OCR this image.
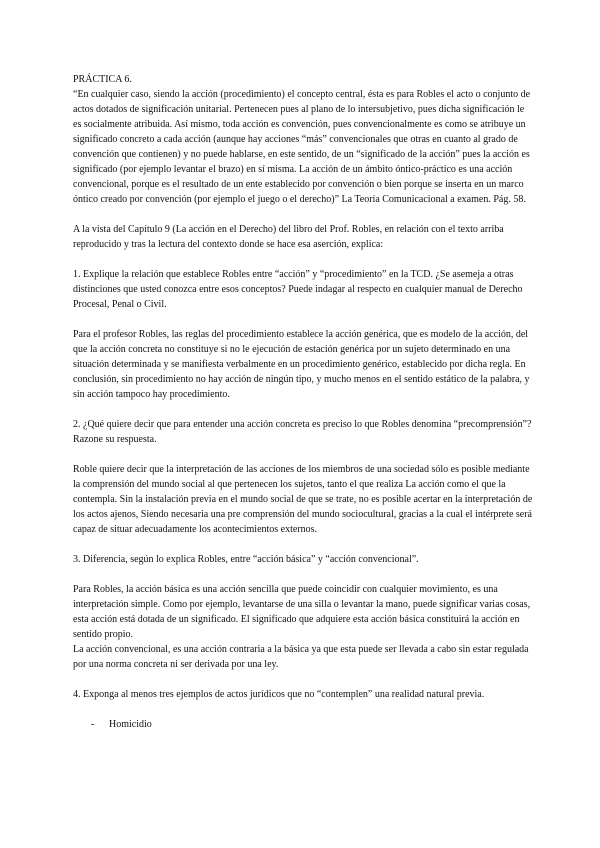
PRÁCTICA 6.

“En cualquier caso, siendo la acción (procedimiento) el concepto central, ésta es para Robles el acto o conjunto de actos dotados de significación unitarial. Pertenecen pues al plano de lo intersubjetivo, pues dicha significación le es socialmente atribuida. Así mismo, toda acción es convención, pues convencionalmente es como se atribuye un significado concreto a cada acción (aunque hay acciones “más” convencionales que otras en cuanto al grado de convención que contienen) y no puede hablarse, en este sentido, de un “significado de la acción” pues la acción es significado (por ejemplo levantar el brazo) en sí misma. La acción de un ámbito óntico-práctico es una acción convencional, porque es el resultado de un ente establecido por convención o bien porque se inserta en un marco óntico creado por convención (por ejemplo el juego o el derecho)” La Teoría Comunicacional a examen. Pág. 58.

A la vista del Capítulo 9 (La acción en el Derecho) del libro del Prof. Robles, en relación con el texto arriba reproducido y tras la lectura del contexto donde se hace esa aserción, explica:

1. Explique la relación que establece Robles entre “acción” y “procedimiento” en la TCD. ¿Se asemeja a otras distinciones que usted conozca entre esos conceptos? Puede indagar al respecto en cualquier manual de Derecho Procesal, Penal o Civil.

Para el profesor Robles, las reglas del procedimiento establece la acción genérica, que es modelo de la acción, del que la acción concreta no constituye si no le ejecución de estación genérica por un sujeto determinado en una situación determinada y se manifiesta verbalmente en un procedimiento genérico, establecido por dicha regla. En conclusión, sin procedimiento no hay acción de ningún tipo, y mucho menos en el sentido estático de la palabra, y sin acción tampoco hay procedimiento.

2. ¿Qué quiere decir que para entender una acción concreta es preciso lo que Robles denomina “precomprensión”? Razone su respuesta.

Roble quiere decir que la interpretación de las acciones de los miembros de una sociedad sólo es posible mediante la comprensión del mundo social al que pertenecen los sujetos, tanto el que realiza La acción como el que la contempla. Sin la instalación previa en el mundo social de que se trate, no es posible acertar en la interpretación de los actos ajenos, Siendo necesaria una pre comprensión del mundo sociocultural, gracias a la cual el intérprete será capaz de situar adecuadamente los acontecimientos externos.

3. Diferencia, según lo explica Robles, entre “acción básica” y “acción convencional”.

Para Robles, la acción básica es una acción sencilla que puede coincidir con cualquier movimiento, es una interpretación simple. Como por ejemplo, levantarse de una silla o levantar la mano, puede significar varias cosas, esta acción está dotada de un significado. El significado que adquiere esta acción básica constituirá la acción en sentido propio.

La acción convencional, es una acción contraria a la básica ya que esta puede ser llevada a cabo sin estar regulada por una norma concreta ni ser derivada por una ley.

4. Exponga al menos tres ejemplos de actos jurídicos que no “contemplen” una realidad natural previa.

- Homicidio
